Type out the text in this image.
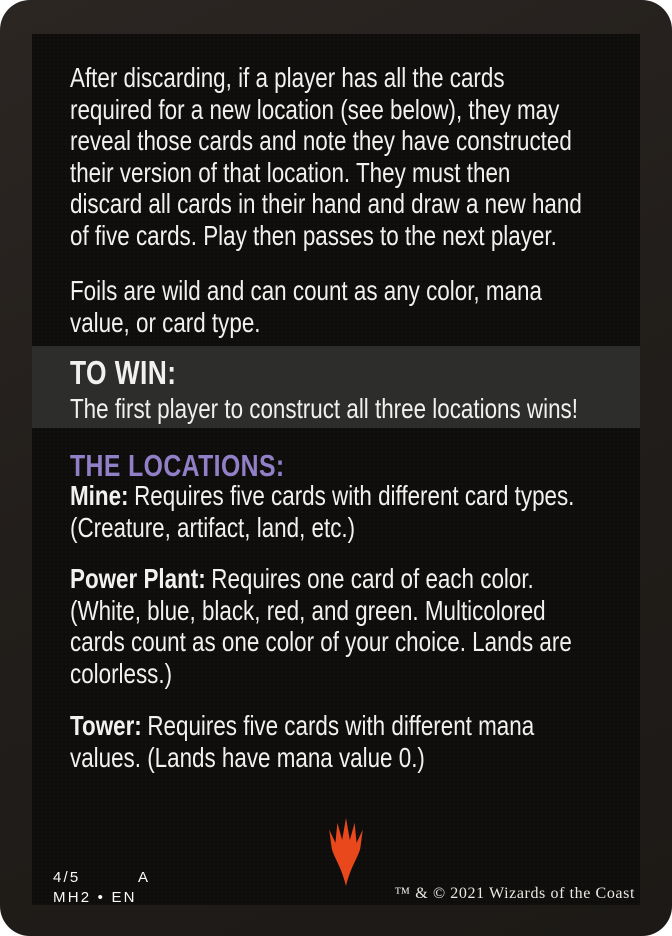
After discarding, if a player has all the cards
required for a new location (see below), they may
reveal those cards and note they have constructed
their version of that location. They must then
discard all cards in their hand and draw a new hand
of five cards. Play then passes to the next player.
Foils are wild and can count as any color, mana
value, or card type.
TO WIN:
The first player to construct all three locations wins!
THE LOCATIONS:
Mine: Requires five cards with different card types.
(Creature, artifact, land, etc.)
Power Plant: Requires one card of each color.
(White, blue, black, red, and green. Multicolored
cards count as one color of your choice. Lands are
colorless.)
Tower: Requires five cards with different mana
values. (Lands have mana value 0.)
4/5	A
MH2 • EN	™ & © 2021 Wizards of the Coast
